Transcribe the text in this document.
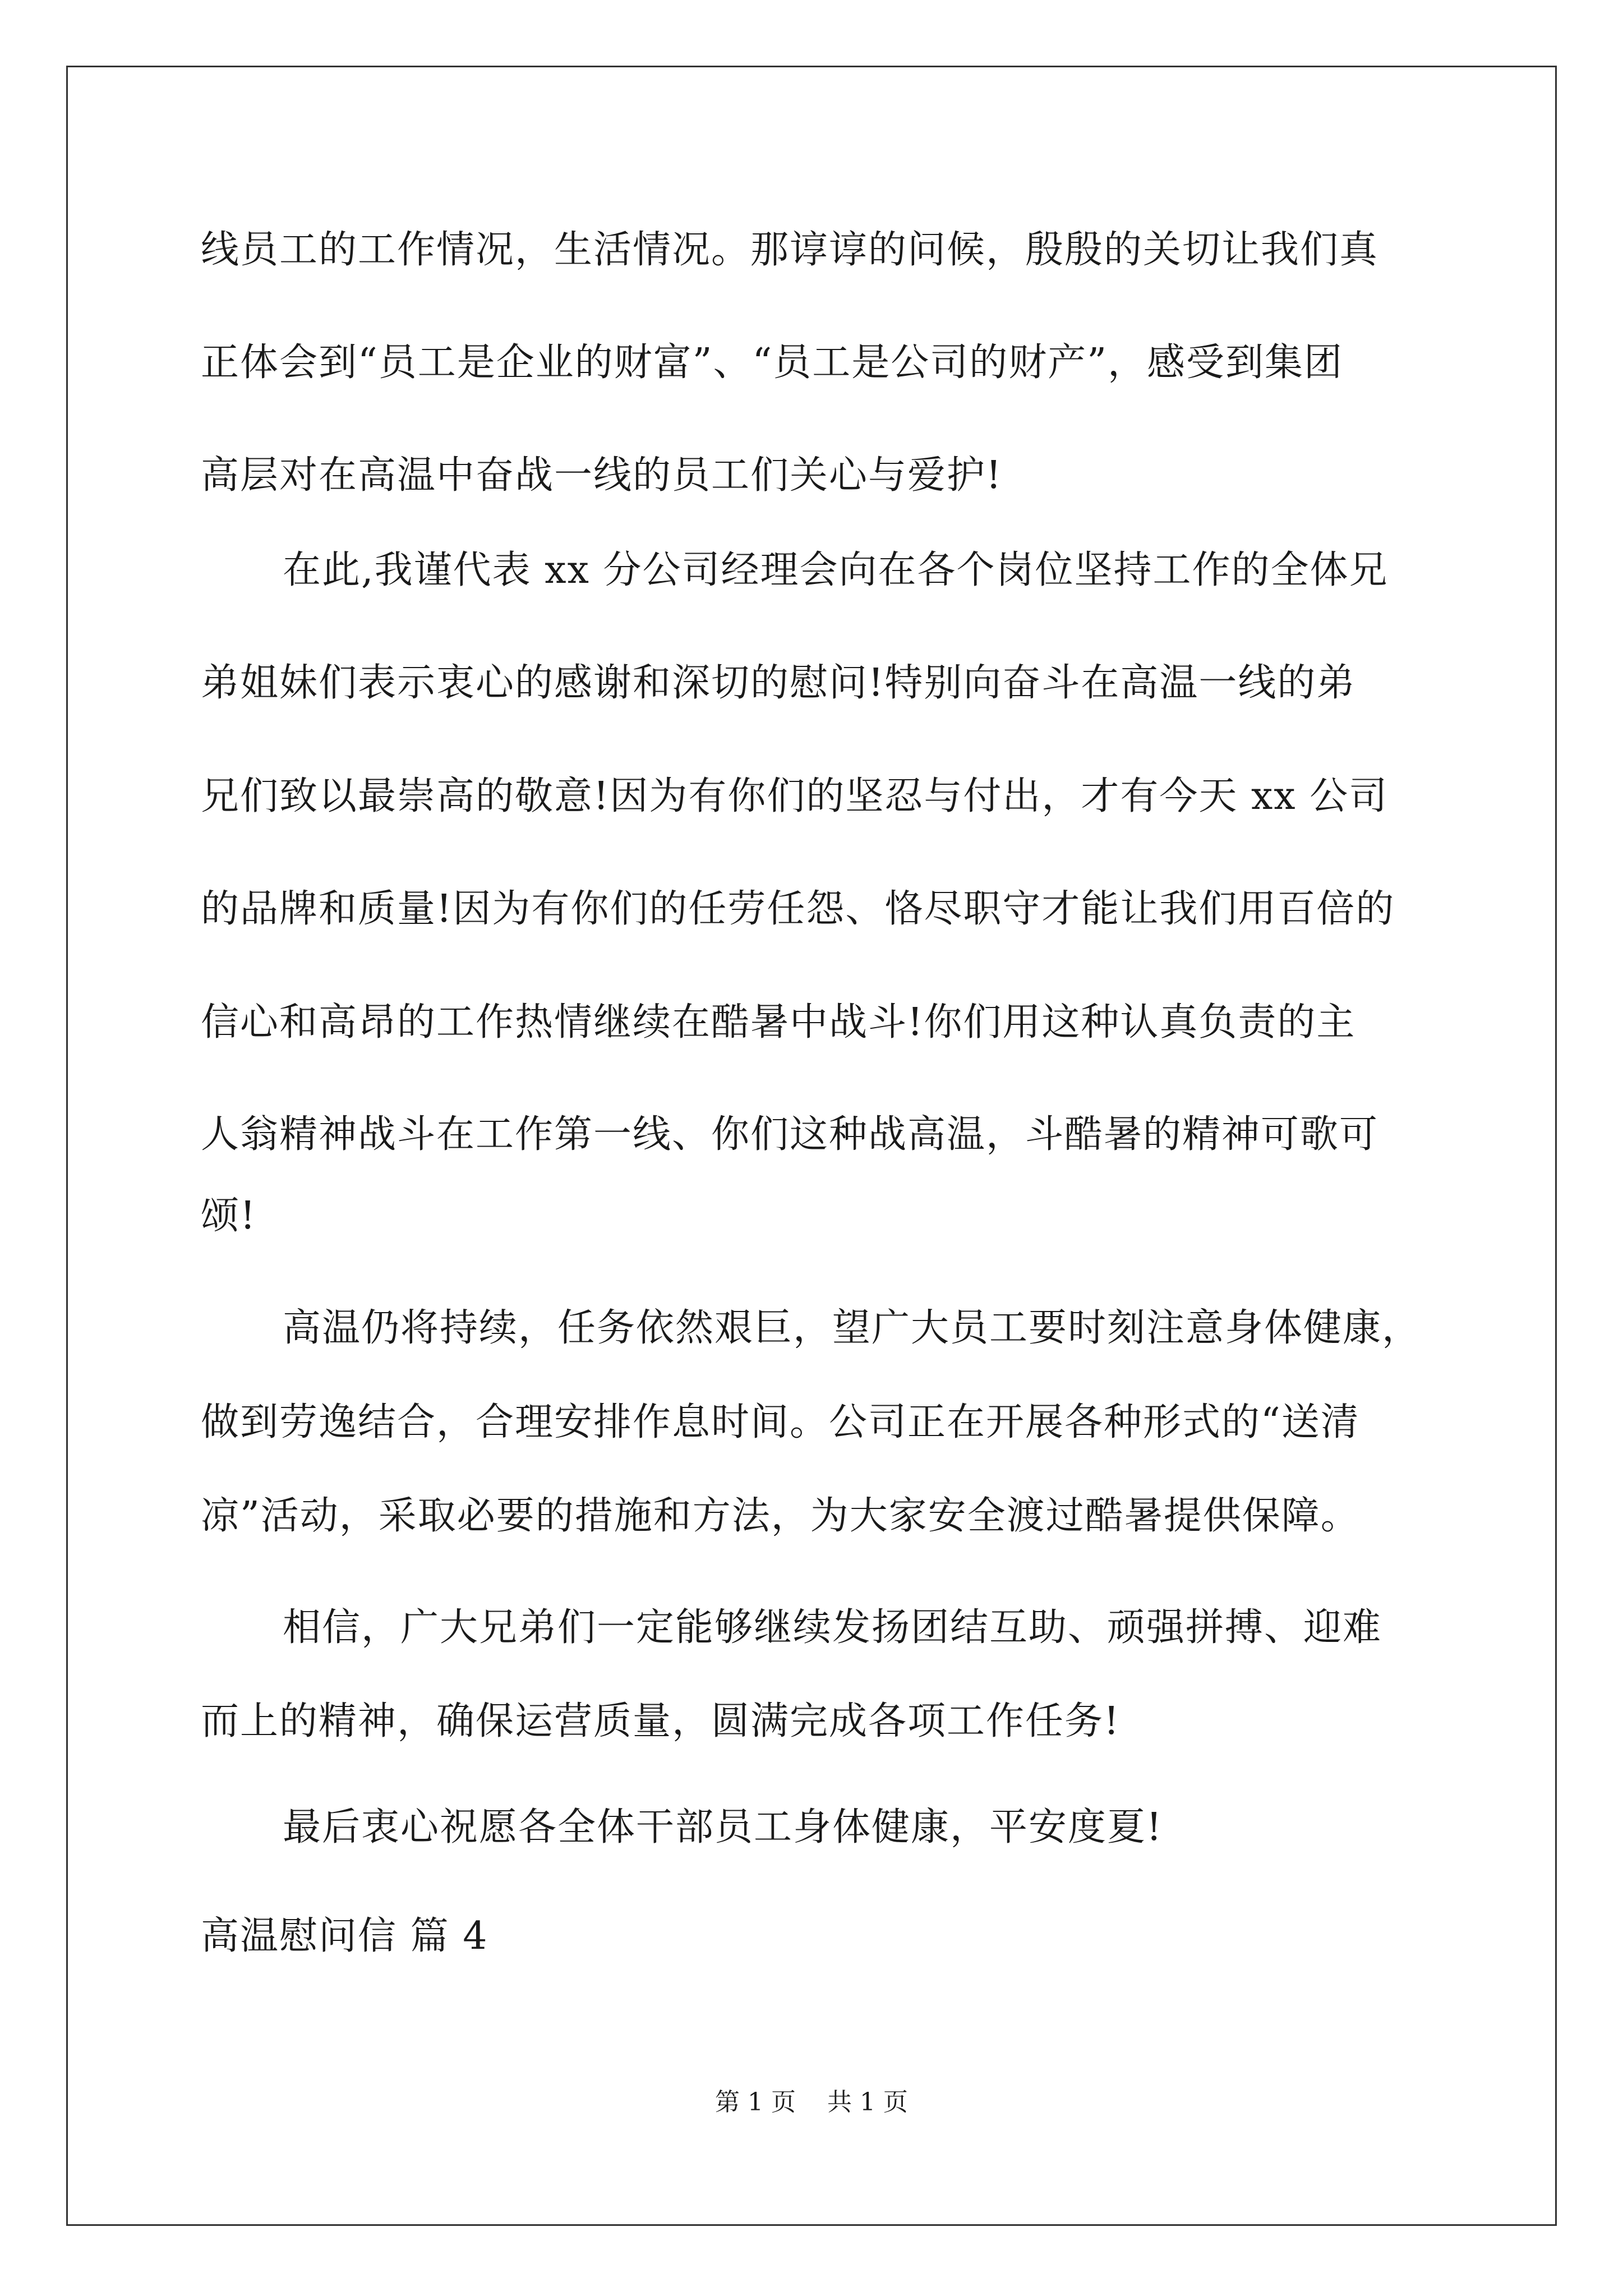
线员工的工作情况，生活情况。那谆谆的问候，殷殷的关切让我们真
正体会到“员工是企业的财富”、“员工是公司的财产”，感受到集团
高层对在高温中奋战一线的员工们关心与爱护!
在此,我谨代表 xx 分公司经理会向在各个岗位坚持工作的全体兄
弟姐妹们表示衷心的感谢和深切的慰问!特别向奋斗在高温一线的弟
兄们致以最崇高的敬意!因为有你们的坚忍与付出，才有今天 xx 公司
的品牌和质量!因为有你们的任劳任怨、恪尽职守才能让我们用百倍的
信心和高昂的工作热情继续在酷暑中战斗!你们用这种认真负责的主
人翁精神战斗在工作第一线、你们这种战高温，斗酷暑的精神可歌可
颂!
高温仍将持续，任务依然艰巨，望广大员工要时刻注意身体健康，
做到劳逸结合，合理安排作息时间。公司正在开展各种形式的“送清
凉”活动，采取必要的措施和方法，为大家安全渡过酷暑提供保障。
相信，广大兄弟们一定能够继续发扬团结互助、顽强拼搏、迎难
而上的精神，确保运营质量，圆满完成各项工作任务!
最后衷心祝愿各全体干部员工身体健康，平安度夏!
高温慰问信 篇 4
第 1 页    共 1 页
